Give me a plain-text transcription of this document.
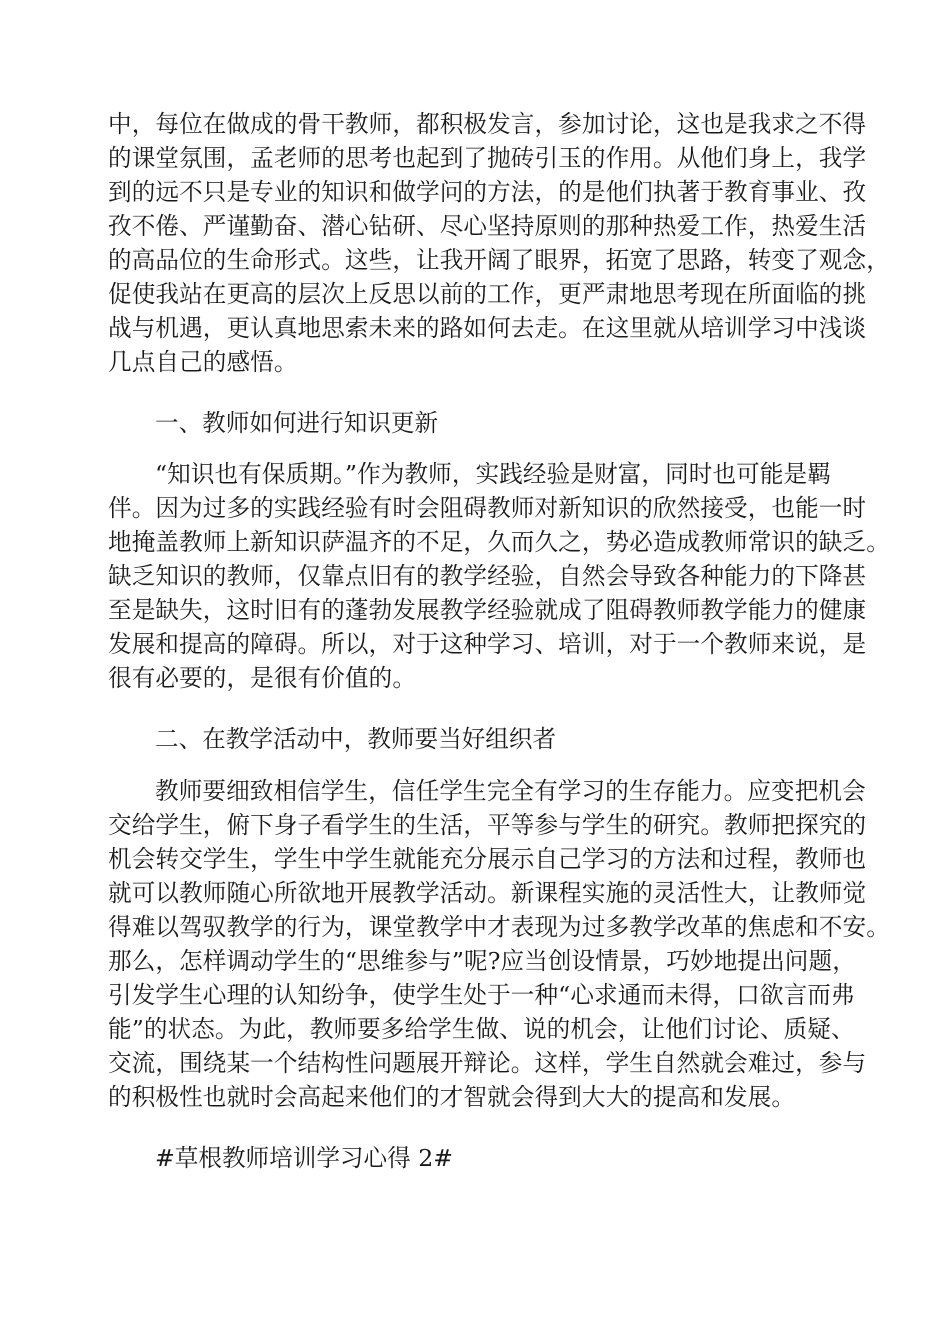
中，每位在做成的骨干教师，都积极发言，参加讨论，这也是我求之不得
的课堂氛围，孟老师的思考也起到了抛砖引玉的作用。从他们身上，我学
到的远不只是专业的知识和做学问的方法，的是他们执著于教育事业、孜
孜不倦、严谨勤奋、潜心钻研、尽心坚持原则的那种热爱工作，热爱生活
的高品位的生命形式。这些，让我开阔了眼界，拓宽了思路，转变了观念，
促使我站在更高的层次上反思以前的工作，更严肃地思考现在所面临的挑
战与机遇，更认真地思索未来的路如何去走。在这里就从培训学习中浅谈
几点自己的感悟。
一、教师如何进行知识更新
“知识也有保质期。”作为教师，实践经验是财富，同时也可能是羁
伴。因为过多的实践经验有时会阻碍教师对新知识的欣然接受，也能一时
地掩盖教师上新知识萨温齐的不足，久而久之，势必造成教师常识的缺乏。
缺乏知识的教师，仅靠点旧有的教学经验，自然会导致各种能力的下降甚
至是缺失，这时旧有的蓬勃发展教学经验就成了阻碍教师教学能力的健康
发展和提高的障碍。所以，对于这种学习、培训，对于一个教师来说，是
很有必要的，是很有价值的。
二、在教学活动中，教师要当好组织者
教师要细致相信学生，信任学生完全有学习的生存能力。应变把机会
交给学生，俯下身子看学生的生活，平等参与学生的研究。教师把探究的
机会转交学生，学生中学生就能充分展示自己学习的方法和过程，教师也
就可以教师随心所欲地开展教学活动。新课程实施的灵活性大，让教师觉
得难以驾驭教学的行为，课堂教学中才表现为过多教学改革的焦虑和不安。
那么，怎样调动学生的“思维参与”呢?应当创设情景，巧妙地提出问题，
引发学生心理的认知纷争，使学生处于一种“心求通而未得，口欲言而弗
能”的状态。为此，教师要多给学生做、说的机会，让他们讨论、质疑、
交流，围绕某一个结构性问题展开辩论。这样，学生自然就会难过，参与
的积极性也就时会高起来他们的才智就会得到大大的提高和发展。
#草根教师培训学习心得 2#
